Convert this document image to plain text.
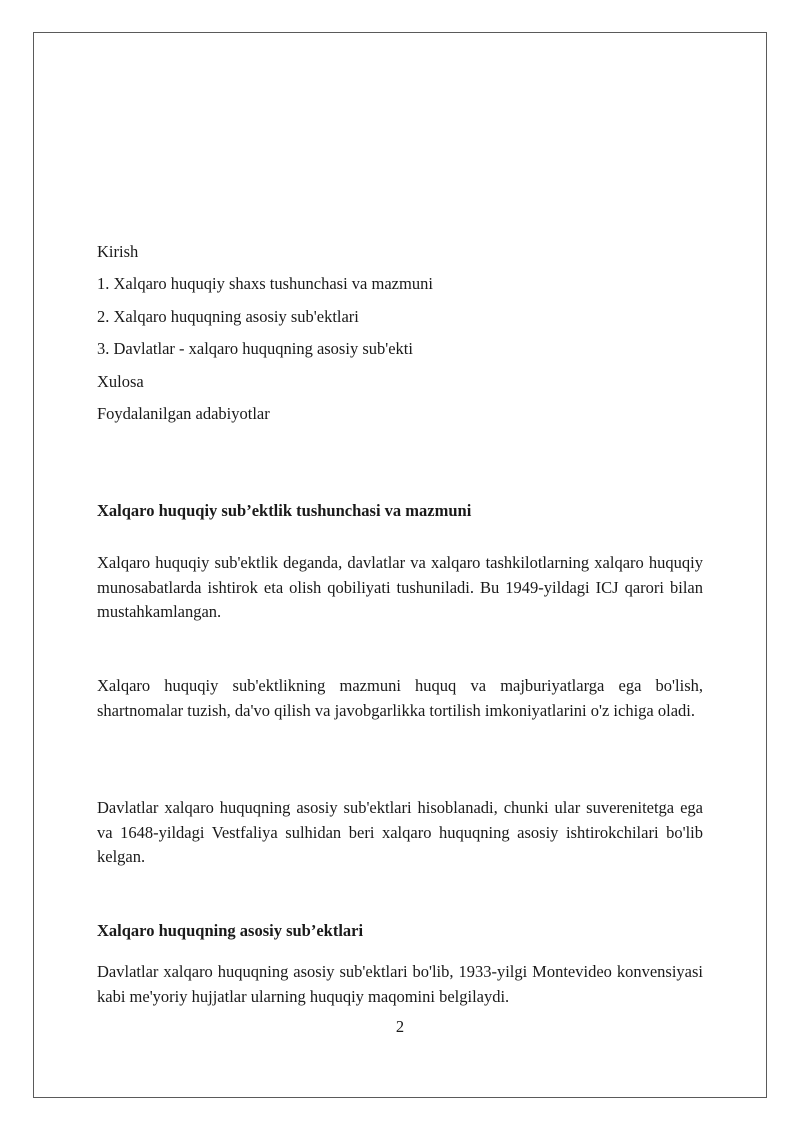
Kirish
1. Xalqaro huquqiy shaxs tushunchasi va mazmuni
2. Xalqaro huquqning asosiy sub'ektlari
3. Davlatlar - xalqaro huquqning asosiy sub'ekti
Xulosa
Foydalanilgan adabiyotlar
Xalqaro huquqiy sub’ektlik tushunchasi va mazmuni

Xalqaro huquqiy sub'ektlik deganda, davlatlar va xalqaro tashkilotlarning xalqaro huquqiy munosabatlarda ishtirok eta olish qobiliyati tushuniladi. Bu 1949-yildagi ICJ qarori bilan mustahkamlangan.

Xalqaro huquqiy sub'ektlikning mazmuni huquq va majburiyatlarga ega bo'lish, shartnomalar tuzish, da'vo qilish va javobgarlikka tortilish imkoniyatlarini o'z ichiga oladi.

Davlatlar xalqaro huquqning asosiy sub'ektlari hisoblanadi, chunki ular suverenitetga ega va 1648-yildagi Vestfaliya sulhidan beri xalqaro huquqning asosiy ishtirokchilari bo'lib kelgan.

Xalqaro huquqning asosiy sub’ektlari

Davlatlar xalqaro huquqning asosiy sub'ektlari bo'lib, 1933-yilgi Montevideo konvensiyasi kabi me'yoriy hujjatlar ularning huquqiy maqomini belgilaydi.

2
